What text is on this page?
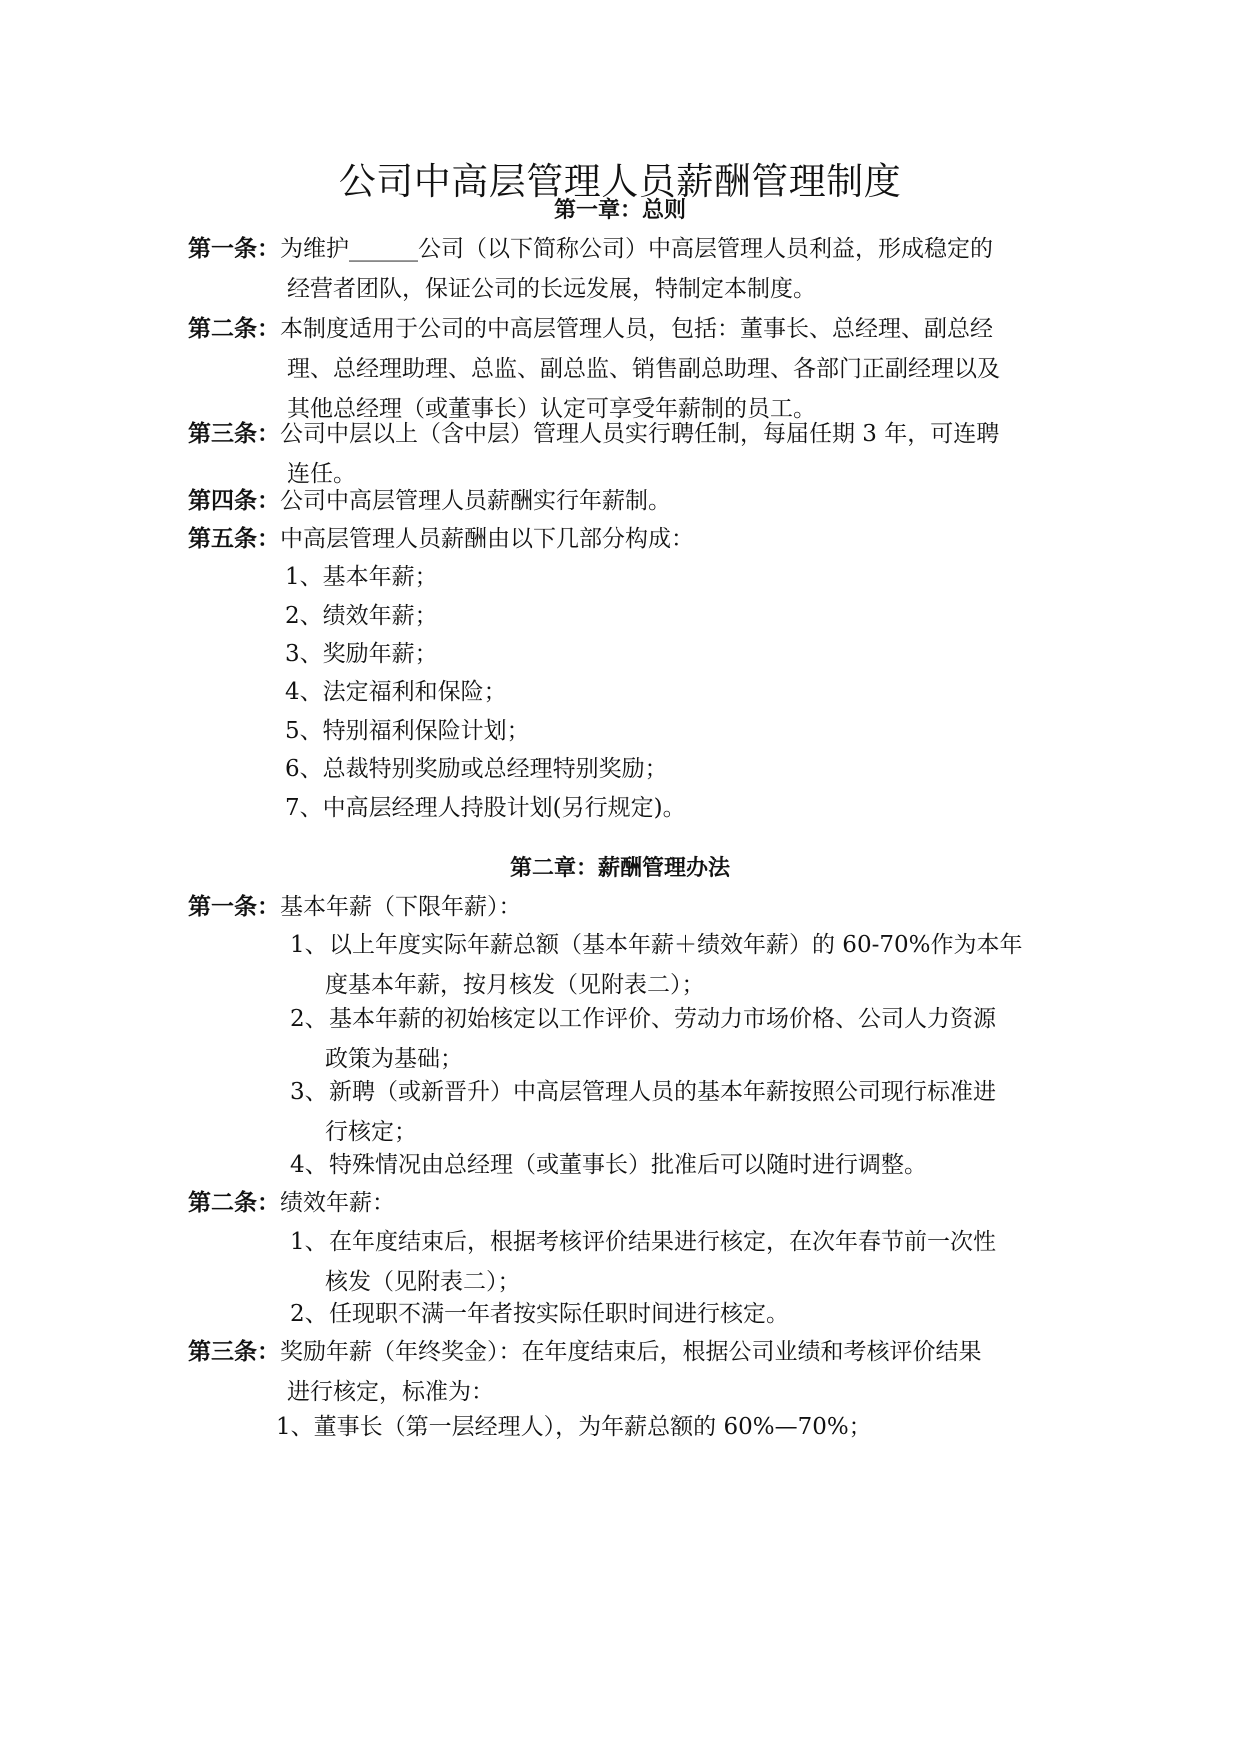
公司中高层管理人员薪酬管理制度
第一章：总则

第一条：为维护______公司（以下简称公司）中高层管理人员利益，形成稳定的
经营者团队，保证公司的长远发展，特制定本制度。

第二条：本制度适用于公司的中高层管理人员，包括：董事长、总经理、副总经
理、总经理助理、总监、副总监、销售副总助理、各部门正副经理以及
其他总经理（或董事长）认定可享受年薪制的员工。

第三条：公司中层以上（含中层）管理人员实行聘任制，每届任期 3 年，可连聘
连任。

第四条：公司中高层管理人员薪酬实行年薪制。

第五条：中高层管理人员薪酬由以下几部分构成：

1、基本年薪；

2、绩效年薪；

3、奖励年薪；

4、法定福利和保险；

5、特别福利保险计划；

6、总裁特别奖励或总经理特别奖励；

7、中高层经理人持股计划(另行规定)。

第二章：薪酬管理办法

第一条：基本年薪（下限年薪）：

1、以上年度实际年薪总额（基本年薪＋绩效年薪）的 60-70%作为本年
度基本年薪，按月核发（见附表二）；

2、基本年薪的初始核定以工作评价、劳动力市场价格、公司人力资源
政策为基础；

3、新聘（或新晋升）中高层管理人员的基本年薪按照公司现行标准进
行核定；

4、特殊情况由总经理（或董事长）批准后可以随时进行调整。

第二条：绩效年薪：

1、在年度结束后，根据考核评价结果进行核定，在次年春节前一次性
核发（见附表二）；

2、任现职不满一年者按实际任职时间进行核定。

第三条：奖励年薪（年终奖金）：在年度结束后，根据公司业绩和考核评价结果
进行核定，标准为：

1、董事长（第一层经理人），为年薪总额的 60%—70%；
